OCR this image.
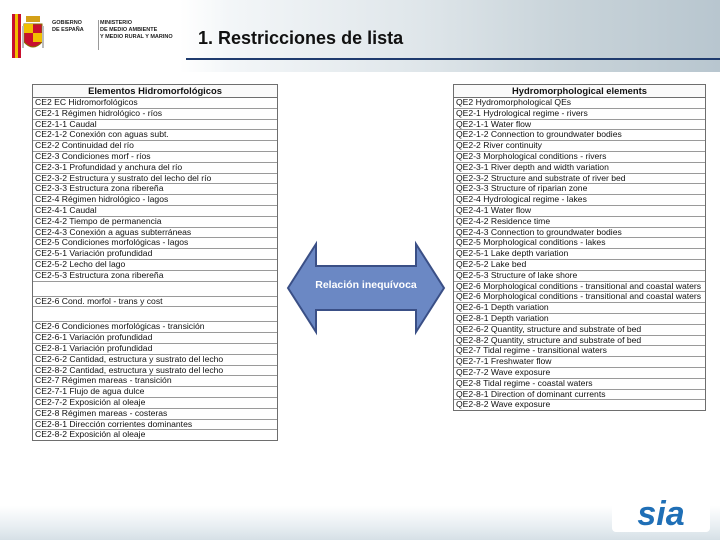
GOBIERNO
DE ESPAÑA
MINISTERIO
DE MEDIO AMBIENTE
Y MEDIO RURAL Y MARINO	1. Restricciones de lista
Elementos Hidromorfológicos
CE2 EC Hidromorfológicos
CE2-1 Régimen hidrológico - ríos
CE2-1-1 Caudal
CE2-1-2 Conexión con aguas subt.
CE2-2 Continuidad del río
CE2-3 Condiciones morf - ríos
CE2-3-1 Profundidad y anchura del río
CE2-3-2 Estructura y sustrato del lecho del río
CE2-3-3 Estructura zona ribereña
CE2-4 Régimen hidrológico - lagos
CE2-4-1 Caudal
CE2-4-2 Tiempo de permanencia
CE2-4-3 Conexión a aguas subterráneas
CE2-5 Condiciones morfológicas - lagos
CE2-5-1 Variación profundidad
CE2-5-2 Lecho del lago
CE2-5-3 Estructura zona ribereña
CE2-6 Cond. morfol - trans y cost
CE2-6 Condiciones morfológicas - transición
CE2-6-1 Variación profundidad
CE2-8-1 Variación profundidad
CE2-6-2 Cantidad, estructura y sustrato del lecho
CE2-8-2 Cantidad, estructura y sustrato del lecho
CE2-7 Régimen mareas - transición
CE2-7-1 Flujo de agua dulce
CE2-7-2 Exposición al oleaje
CE2-8 Régimen mareas - costeras
CE2-8-1 Dirección corrientes dominantes
CE2-8-2 Exposición al oleaje
Relación inequívoca
Hydromorphological elements
QE2 Hydromorphological QEs
QE2-1 Hydrological regime - rivers
QE2-1-1 Water flow
QE2-1-2 Connection to groundwater bodies
QE2-2 River continuity
QE2-3 Morphological conditions - rivers
QE2-3-1 River depth and width variation
QE2-3-2 Structure and substrate of river bed
QE2-3-3 Structure of riparian zone
QE2-4 Hydrological regime - lakes
QE2-4-1 Water flow
QE2-4-2 Residence time
QE2-4-3 Connection to groundwater bodies
QE2-5 Morphological conditions - lakes
QE2-5-1 Lake depth variation
QE2-5-2 Lake bed
QE2-5-3 Structure of lake shore
QE2-6 Morphological conditions - transitional and coastal waters
QE2-6 Morphological conditions - transitional and coastal waters
QE2-6-1 Depth variation
QE2-8-1 Depth variation
QE2-6-2 Quantity, structure and substrate of bed
QE2-8-2 Quantity, structure and substrate of bed
QE2-7 Tidal regime - transitional waters
QE2-7-1 Freshwater flow
QE2-7-2 Wave exposure
QE2-8 Tidal regime - coastal waters
QE2-8-1 Direction of dominant currents
QE2-8-2 Wave exposure
sia
